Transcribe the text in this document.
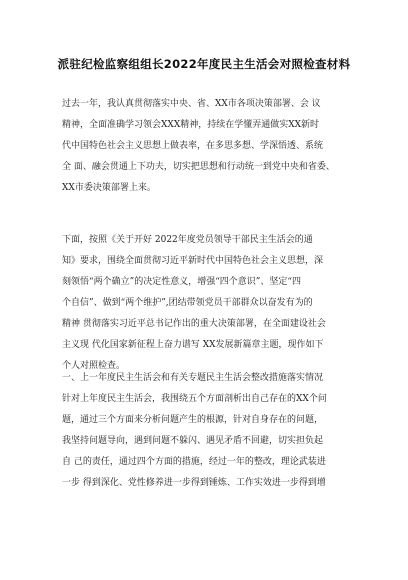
派驻纪检监察组组长2022年度民主生活会对照检查材料
过去一年，我认真贯彻落实中央、省、XX市各项决策部署、会 议
精神，全面准确学习领会XXX精神，持续在学懂弄通做实XX新时
代中国特色社会主义思想上做表率，在多思多想、学深悟透、系统
全 面、融会贯通上下功夫，切实把思想和行动统一到党中央和省委、
XX市委决策部署上来。
下面，按照《关于开好 2022年度党员领导干部民主生活会的通
知》要求，围绕全面贯彻习近平新时代中国特色社会主义思想，深
刻领悟“两个确立”的决定性意义，增强“四个意识”、坚定“四
个自信”、做到“两个维护”,团结带领党员干部群众以奋发有为的
精神 贯彻落实习近平总书记作出的重大决策部署，在全面建设社会
主义现 代化国家新征程上奋力谱写 XX发展新篇章主题，现作如下
个人对照检查。
一、上一年度民主生活会和有关专题民主生活会整改措施落实情况
针对上年度民主生活会，我围绕五个方面剖析出自己存在的XX个问
题，通过三个方面来分析问题产生的根源，针对自身存在的问题，
我坚持问题导向，遇到问题不躲闪、遇见矛盾不回避，切实担负起
自 己的责任，通过四个方面的措施，经过一年的整改，理论武装进
一步 得到深化、党性修养进一步得到锤炼、工作实效进一步得到增
